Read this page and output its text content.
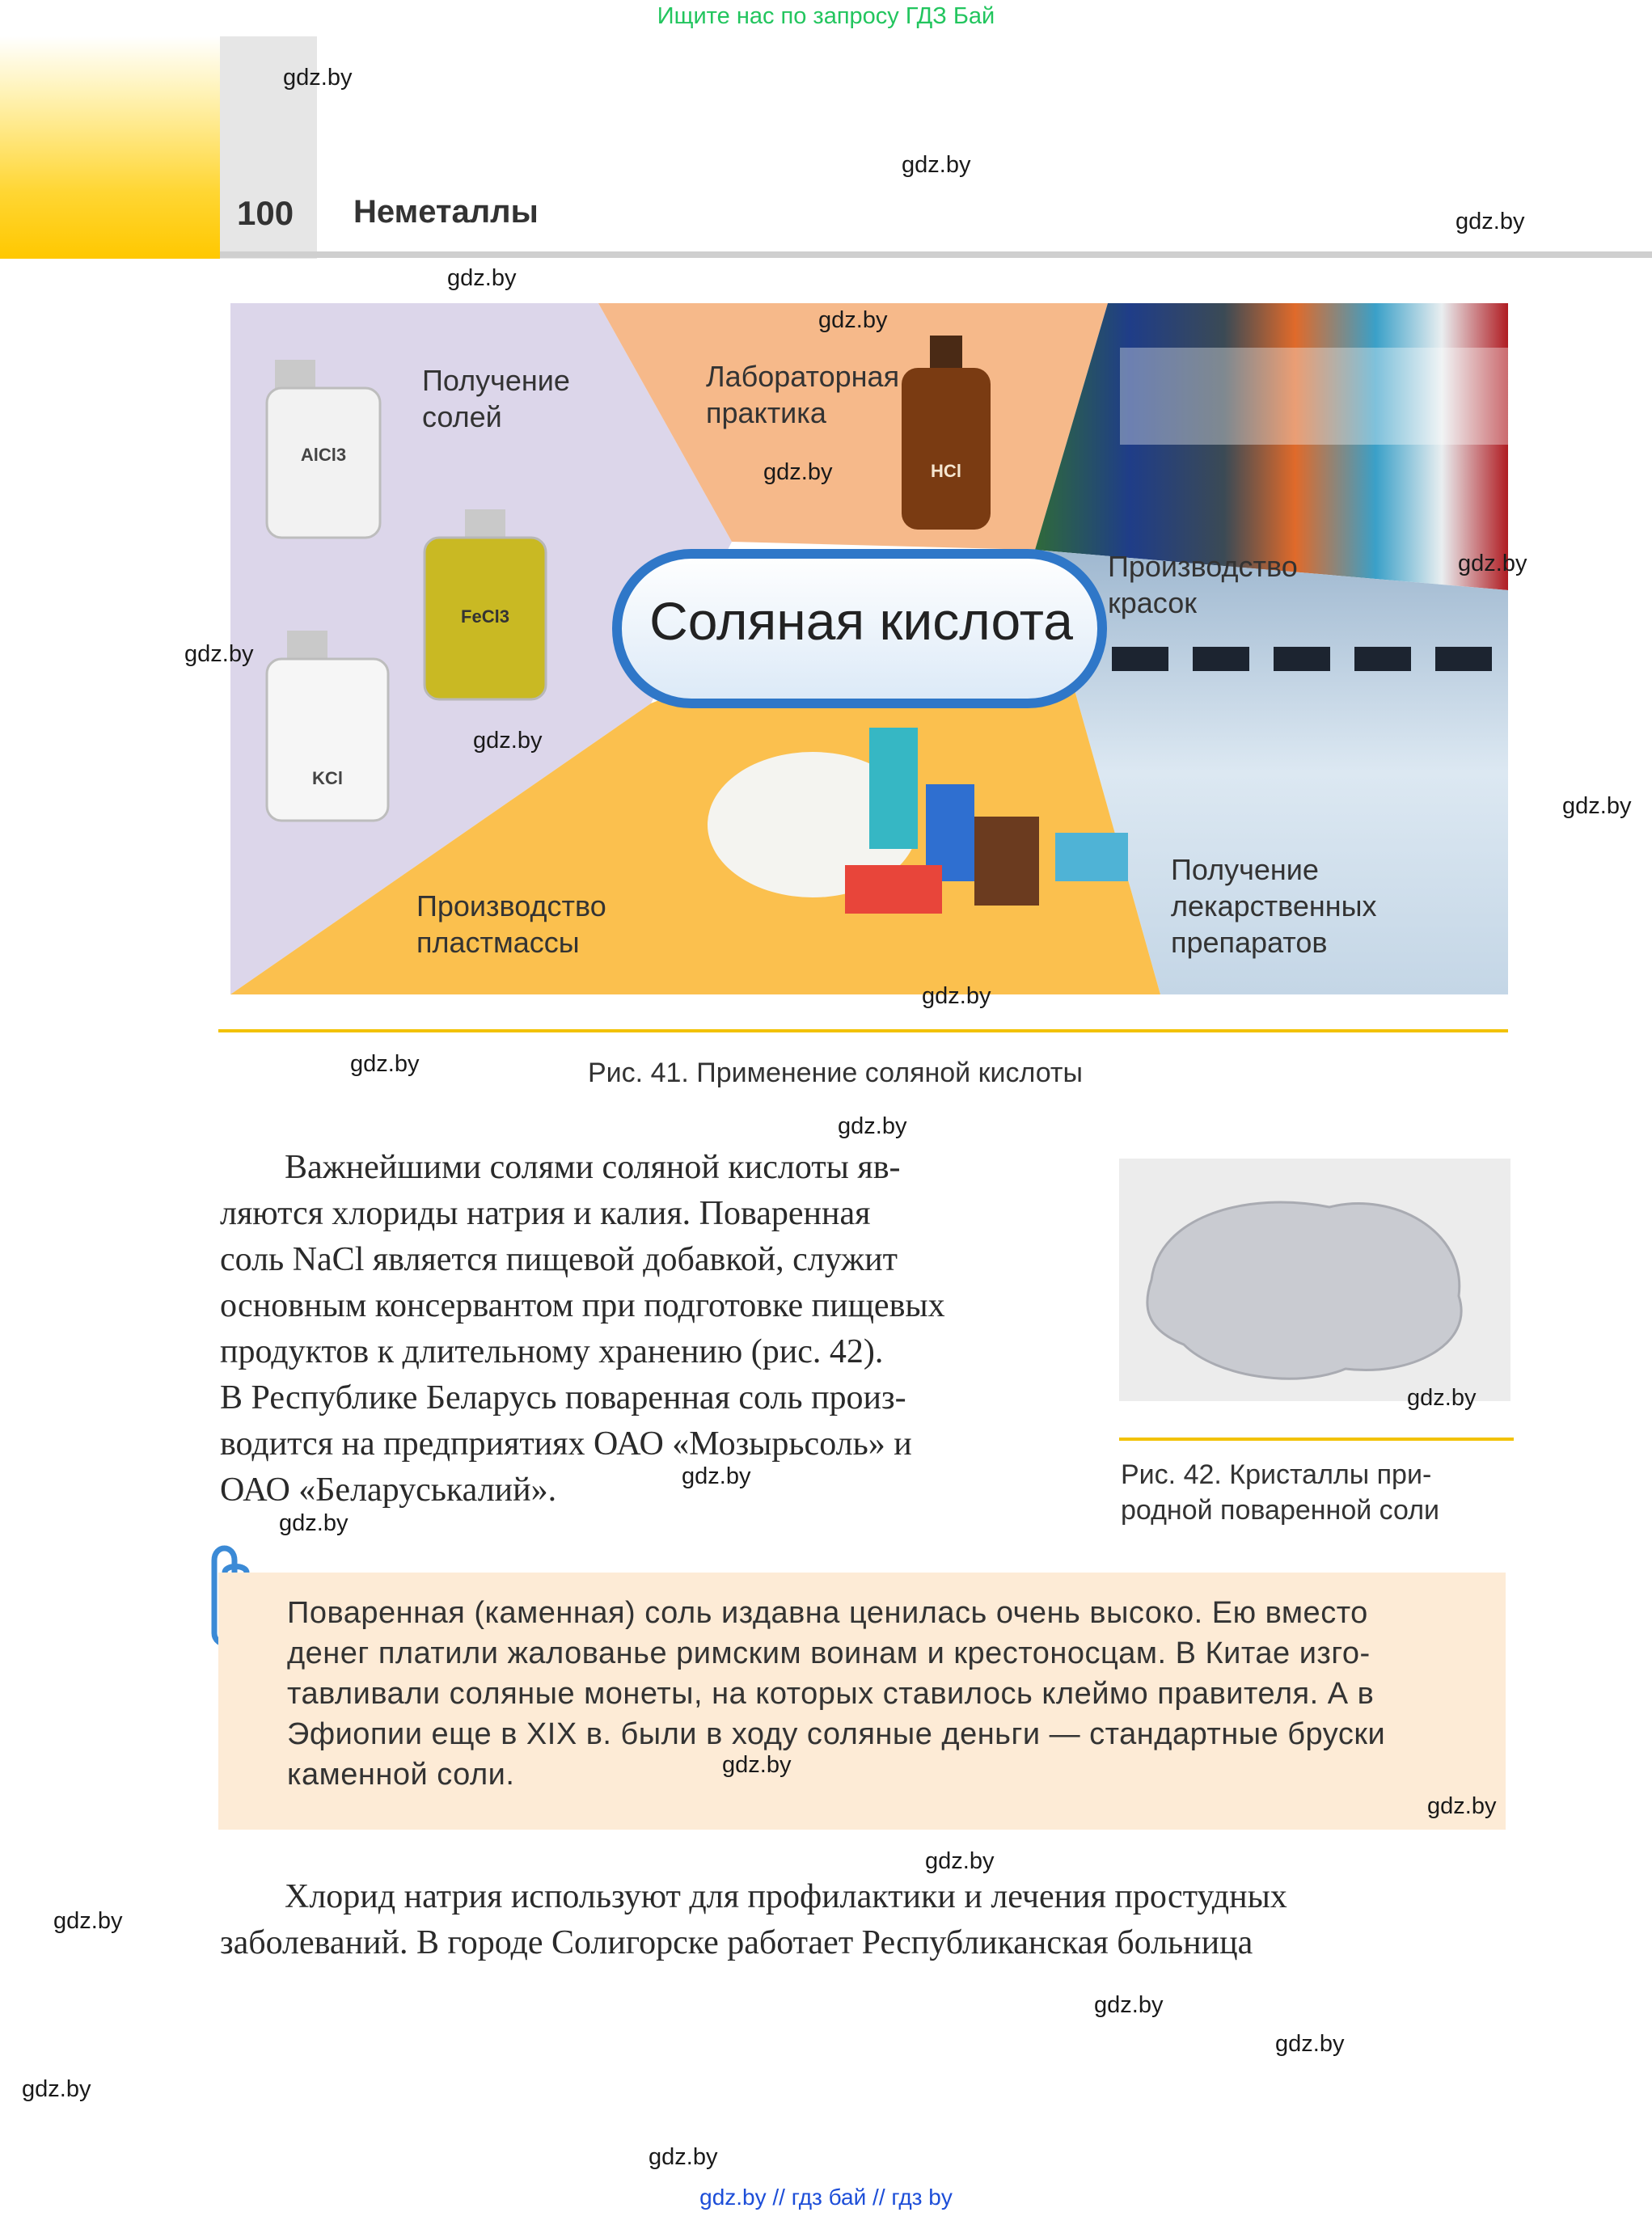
Ищите нас по запросу ГДЗ Бай
100 Неметаллы
AlCl3
FeCl3
KCl
HCl
Соляная кислота
Получение
солей
Лабораторная
практика
Производство
красок
Получение
лекарственных
препаратов
Производство
пластмассы
Рис. 41. Применение соляной кислоты

Важнейшими солями соляной кислоты яв-

ляются хлориды натрия и калия. Поваренная

соль NaCl является пищевой добавкой, служит

основным консервантом при подготовке пищевых

продуктов к длительному хранению (рис. 42).

В Республике Беларусь поваренная соль произ-

водится на предприятиях ОАО «Мозырьсоль» и

ОАО «Беларуськалий».	Рис. 42. Кристаллы при-
родной поваренной соли
Поваренная (каменная) соль издавна ценилась очень высоко. Ею вместо
денег платили жалованье римским воинам и крестоносцам. В Китае изго-
тавливали соляные монеты, на которых ставилось клеймо правителя. А в
Эфиопии еще в XIX в. были в ходу соляные деньги — стандартные бруски
каменной соли.

Хлорид натрия используют для профилактики и лечения простудных

заболеваний. В городе Солигорске работает Республиканская больница

gdz.by
gdz.by
gdz.by
gdz.by
gdz.by
gdz.by
gdz.by
gdz.by
gdz.by
gdz.by
gdz.by
gdz.by
gdz.by
gdz.by
gdz.by
gdz.by
gdz.by
gdz.by
gdz.by
gdz.by
gdz.by
gdz.by
gdz.by
gdz.by
gdz.by // гдз бай // гдз by
